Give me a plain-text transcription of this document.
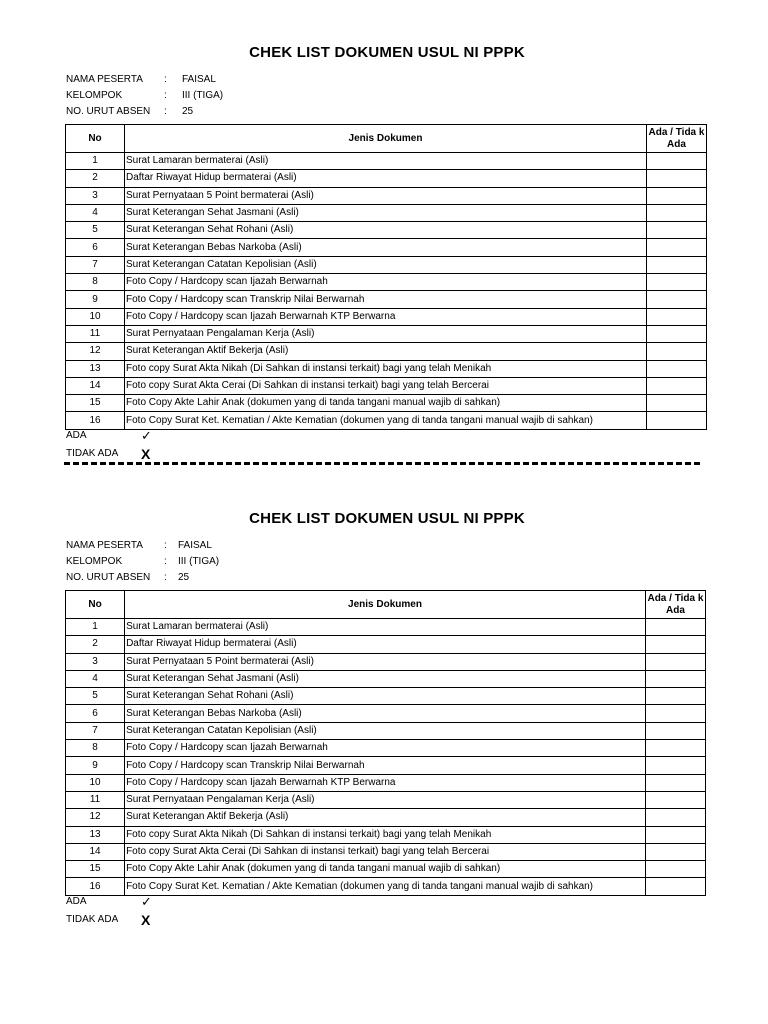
CHEK LIST DOKUMEN USUL NI PPPK
NAMA PESERTA : FAISAL
KELOMPOK	: III (TIGA)
NO. URUT ABSEN : 25
No	Jenis Dokumen	Ada / Tida k Ada
1	Surat Lamaran bermaterai (Asli)	
2	Daftar Riwayat Hidup bermaterai (Asli)	
3	Surat Pernyataan 5 Point bermaterai (Asli)	
4	Surat Keterangan Sehat Jasmani (Asli)	
5	Surat Keterangan Sehat Rohani (Asli)	
6	Surat Keterangan Bebas Narkoba (Asli)	
7	Surat Keterangan Catatan Kepolisian (Asli)	
8	Foto Copy / Hardcopy scan Ijazah Berwarnah	
9	Foto Copy / Hardcopy scan Transkrip Nilai Berwarnah	
10	Foto Copy / Hardcopy scan Ijazah Berwarnah KTP Berwarna	
11	Surat Pernyataan Pengalaman Kerja (Asli)	
12	Surat Keterangan Aktif Bekerja (Asli)	
13	Foto copy Surat Akta Nikah (Di Sahkan di instansi terkait) bagi yang telah Menikah	
14	Foto copy Surat Akta Cerai (Di Sahkan di instansi terkait) bagi yang telah Bercerai	
15	Foto Copy Akte Lahir Anak (dokumen yang di tanda tangani manual wajib di sahkan)	
16	Foto Copy Surat Ket. Kematian / Akte Kematian (dokumen yang di tanda tangani manual wajib di sahkan)	
ADA	✓
TIDAK ADA X
CHEK LIST DOKUMEN USUL NI PPPK
NAMA PESERTA : FAISAL
KELOMPOK	: III (TIGA)
NO. URUT ABSEN : 25
No	Jenis Dokumen	Ada / Tida k Ada
1	Surat Lamaran bermaterai (Asli)	
2	Daftar Riwayat Hidup bermaterai (Asli)	
3	Surat Pernyataan 5 Point bermaterai (Asli)	
4	Surat Keterangan Sehat Jasmani (Asli)	
5	Surat Keterangan Sehat Rohani (Asli)	
6	Surat Keterangan Bebas Narkoba (Asli)	
7	Surat Keterangan Catatan Kepolisian (Asli)	
8	Foto Copy / Hardcopy scan Ijazah Berwarnah	
9	Foto Copy / Hardcopy scan Transkrip Nilai Berwarnah	
10	Foto Copy / Hardcopy scan Ijazah Berwarnah KTP Berwarna	
11	Surat Pernyataan Pengalaman Kerja (Asli)	
12	Surat Keterangan Aktif Bekerja (Asli)	
13	Foto copy Surat Akta Nikah (Di Sahkan di instansi terkait) bagi yang telah Menikah	
14	Foto copy Surat Akta Cerai (Di Sahkan di instansi terkait) bagi yang telah Bercerai	
15	Foto Copy Akte Lahir Anak (dokumen yang di tanda tangani manual wajib di sahkan)	
16	Foto Copy Surat Ket. Kematian / Akte Kematian (dokumen yang di tanda tangani manual wajib di sahkan)	
ADA	✓
TIDAK ADA X
